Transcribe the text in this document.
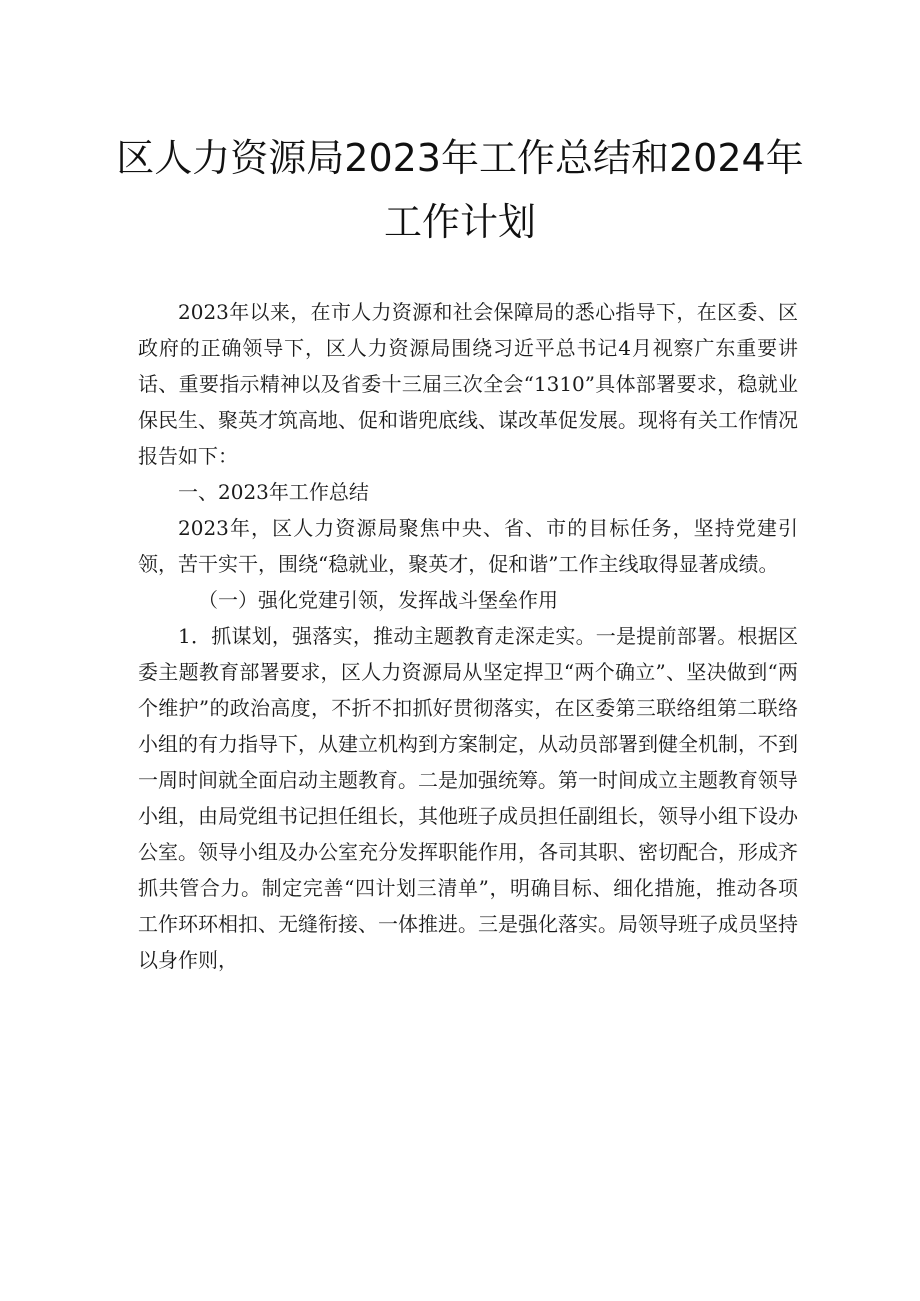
区人力资源局2023年工作总结和2024年
工作计划

2023年以来，在市人力资源和社会保障局的悉心指导下，在区委、区政府的正确领导下，区人力资源局围绕习近平总书记4月视察广东重要讲话、重要指示精神以及省委十三届三次全会“1310”具体部署要求，稳就业保民生、聚英才筑高地、促和谐兜底线、谋改革促发展。现将有关工作情况报告如下：

一、2023年工作总结

2023年，区人力资源局聚焦中央、省、市的目标任务，坚持党建引领，苦干实干，围绕“稳就业，聚英才，促和谐”工作主线取得显著成绩。

（一）强化党建引领，发挥战斗堡垒作用

1．抓谋划，强落实，推动主题教育走深走实。一是提前部署。根据区委主题教育部署要求，区人力资源局从坚定捍卫“两个确立”、坚决做到“两个维护”的政治高度，不折不扣抓好贯彻落实，在区委第三联络组第二联络小组的有力指导下，从建立机构到方案制定，从动员部署到健全机制，不到一周时间就全面启动主题教育。二是加强统筹。第一时间成立主题教育领导小组，由局党组书记担任组长，其他班子成员担任副组长，领导小组下设办公室。领导小组及办公室充分发挥职能作用，各司其职、密切配合，形成齐抓共管合力。制定完善“四计划三清单”，明确目标、细化措施，推动各项工作环环相扣、无缝衔接、一体推进。三是强化落实。局领导班子成员坚持以身作则，
